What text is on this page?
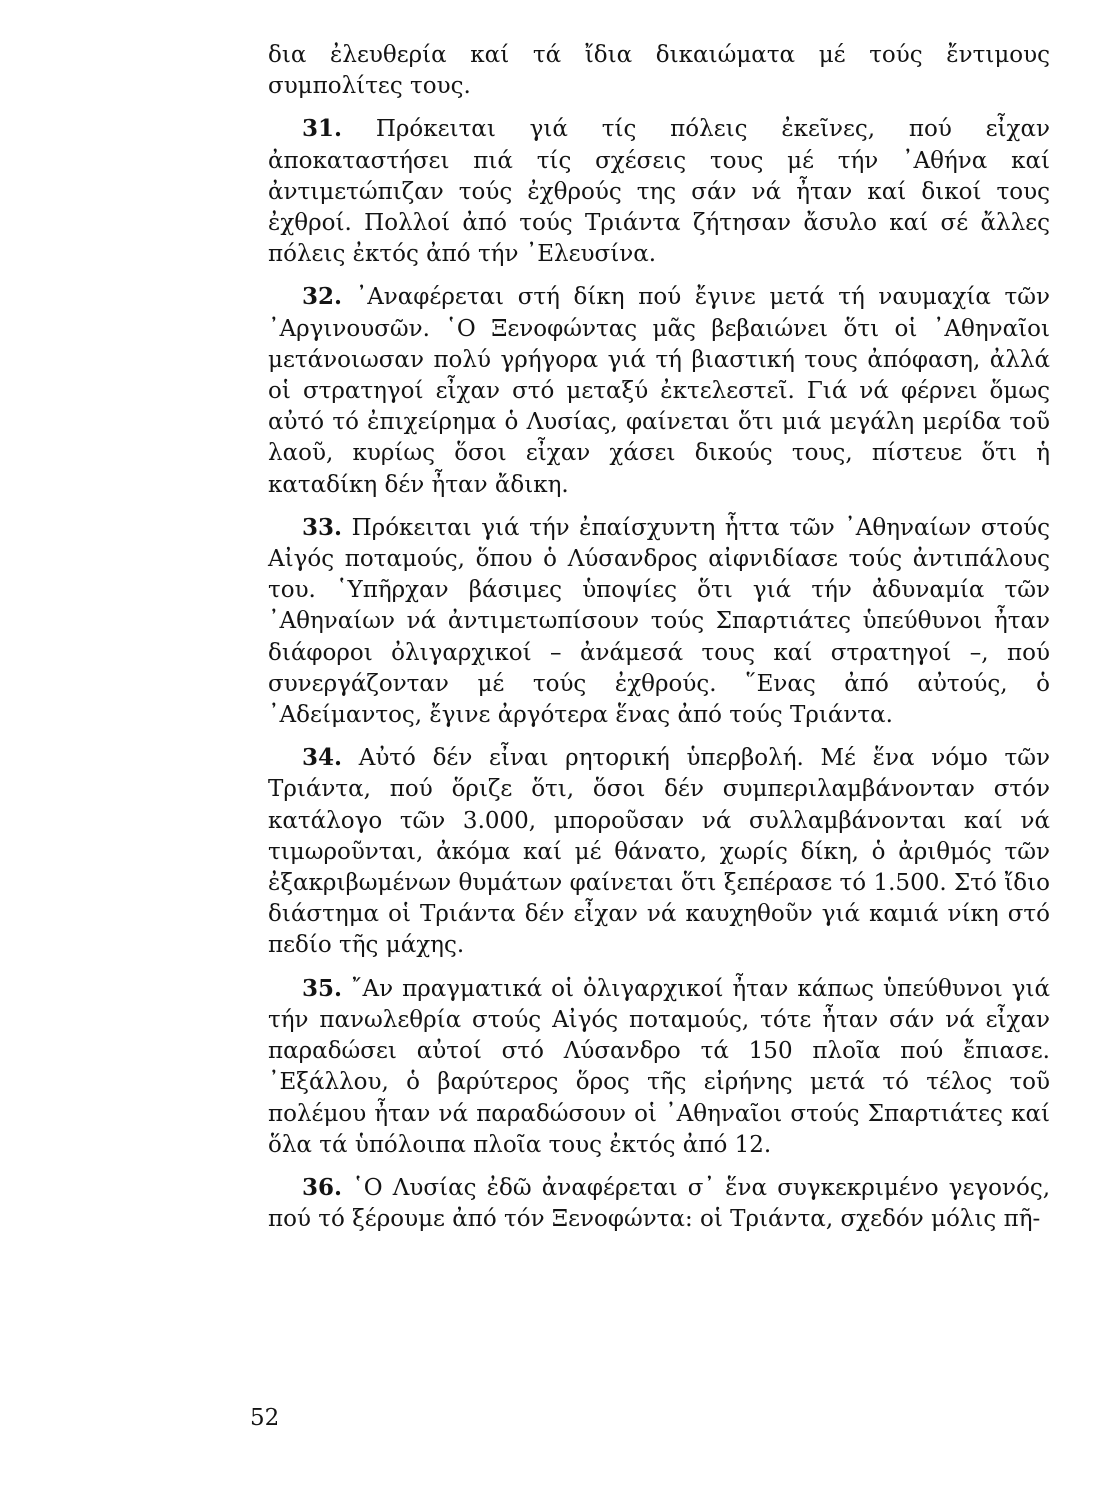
δια ἐλευθερία καί τά ἴδια δικαιώματα μέ τούς ἔντιμους συμπολίτες τους.

31. Πρόκειται γιά τίς πόλεις ἐκεῖνες, πού εἶχαν ἀποκαταστήσει πιά τίς σχέσεις τους μέ τήν ᾿Αθήνα καί ἀντιμετώπιζαν τούς ἐχθρούς της σάν νά ἦταν καί δικοί τους ἐχθροί. Πολλοί ἀπό τούς Τριάντα ζήτησαν ἄσυλο καί σέ ἄλλες πόλεις ἐκτός ἀπό τήν ᾿Ελευσίνα.

32. ᾿Αναφέρεται στή δίκη πού ἔγινε μετά τή ναυμαχία τῶν ᾿Αργινουσῶν. ῾Ο Ξενοφώντας μᾶς βεβαιώνει ὅτι οἱ ᾿Αθηναῖοι μετάνοιωσαν πολύ γρήγορα γιά τή βιαστική τους ἀπόφαση, ἀλλά οἱ στρατηγοί εἶχαν στό μεταξύ ἐκτελεστεῖ. Γιά νά φέρνει ὅμως αὐτό τό ἐπιχείρημα ὁ Λυσίας, φαίνεται ὅτι μιά μεγάλη μερίδα τοῦ λαοῦ, κυρίως ὅσοι εἶχαν χάσει δικούς τους, πίστευε ὅτι ἡ καταδίκη δέν ἦταν ἄδικη.

33. Πρόκειται γιά τήν ἐπαίσχυντη ἧττα τῶν ᾿Αθηναίων στούς Αἰγός ποταμούς, ὅπου ὁ Λύσανδρος αἰφνιδίασε τούς ἀντιπάλους του. ῾Υπῆρχαν βάσιμες ὑποψίες ὅτι γιά τήν ἀδυναμία τῶν ᾿Αθηναίων νά ἀντιμετωπίσουν τούς Σπαρτιάτες ὑπεύθυνοι ἦταν διάφοροι ὀλιγαρχικοί – ἀνάμεσά τους καί στρατηγοί –, πού συνεργάζονταν μέ τούς ἐχθρούς. ῞Ενας ἀπό αὐτούς, ὁ ᾿Αδείμαντος, ἔγινε ἀργότερα ἕνας ἀπό τούς Τριάντα.

34. Αὐτό δέν εἶναι ρητορική ὑπερβολή. Μέ ἕνα νόμο τῶν Τριάντα, πού ὅριζε ὅτι, ὅσοι δέν συμπεριλαμβάνονταν στόν κατάλογο τῶν 3.000, μποροῦσαν νά συλλαμβάνονται καί νά τιμωροῦνται, ἀκόμα καί μέ θάνατο, χωρίς δίκη, ὁ ἀριθμός τῶν ἐξακριβωμένων θυμάτων φαίνεται ὅτι ξεπέρασε τό 1.500. Στό ἴδιο διάστημα οἱ Τριάντα δέν εἶχαν νά καυχηθοῦν γιά καμιά νίκη στό πεδίο τῆς μάχης.

35. ῎Αν πραγματικά οἱ ὀλιγαρχικοί ἦταν κάπως ὑπεύθυνοι γιά τήν πανωλεθρία στούς Αἰγός ποταμούς, τότε ἦταν σάν νά εἶχαν παραδώσει αὐτοί στό Λύσανδρο τά 150 πλοῖα πού ἔπιασε. ᾿Εξάλλου, ὁ βαρύτερος ὅρος τῆς εἰρήνης μετά τό τέλος τοῦ πολέμου ἦταν νά παραδώσουν οἱ ᾿Αθηναῖοι στούς Σπαρτιάτες καί ὅλα τά ὑπόλοιπα πλοῖα τους ἐκτός ἀπό 12.

36. ῾Ο Λυσίας ἐδῶ ἀναφέρεται σ᾿ ἕνα συγκεκριμένο γεγονός, πού τό ξέρουμε ἀπό τόν Ξενοφώντα: οἱ Τριάντα, σχεδόν μόλις πῆ-

52
